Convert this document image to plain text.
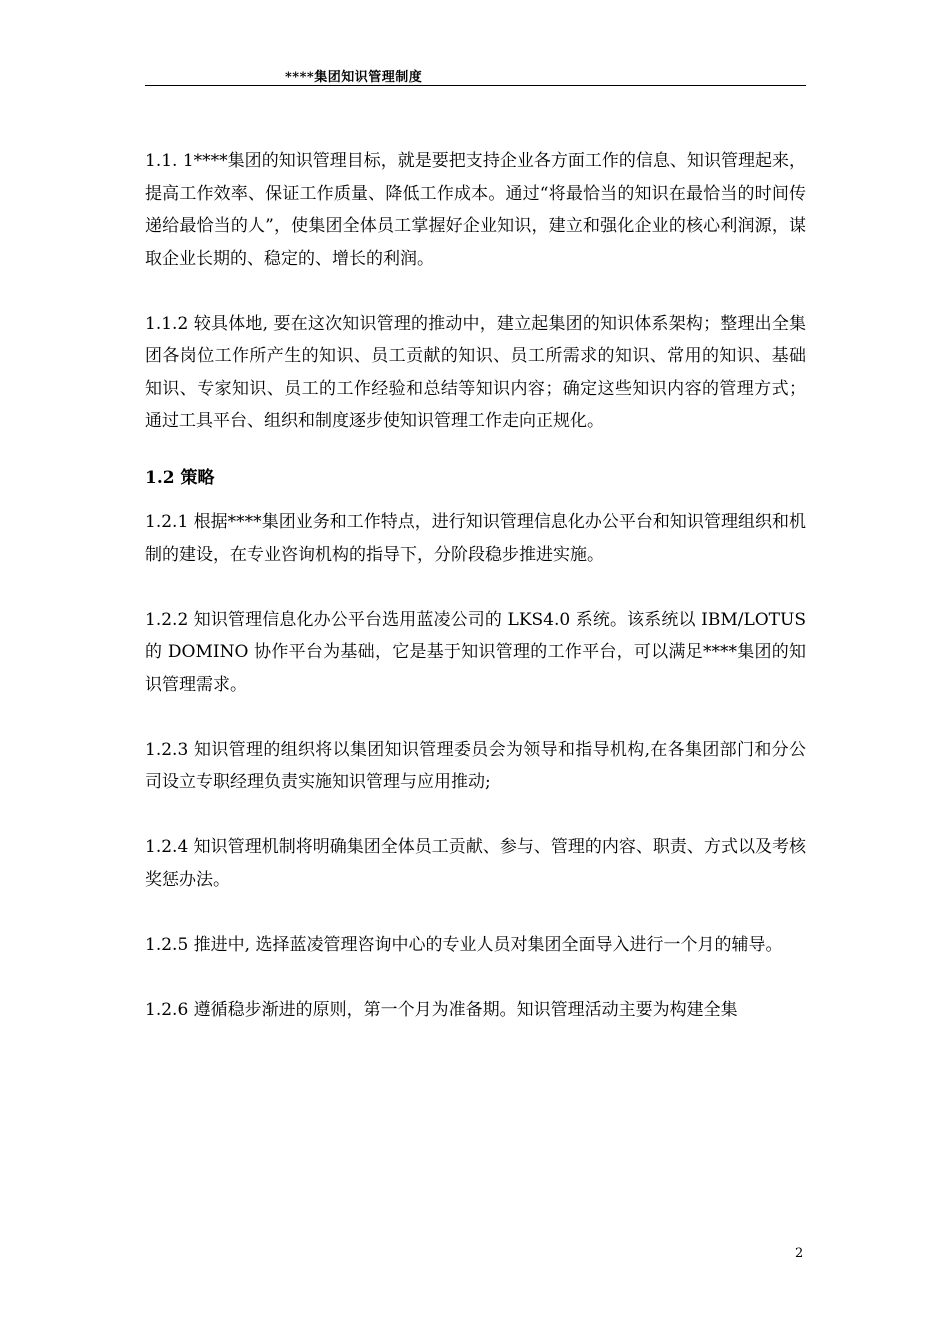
****集团知识管理制度

1.1. 1****集团的知识管理目标，就是要把支持企业各方面工作的信息、知识管理起来，提高工作效率、保证工作质量、降低工作成本。通过“将最恰当的知识在最恰当的时间传递给最恰当的人”，使集团全体员工掌握好企业知识，建立和强化企业的核心利润源，谋取企业长期的、稳定的、增长的利润。

1.1.2 较具体地, 要在这次知识管理的推动中，建立起集团的知识体系架构；整理出全集团各岗位工作所产生的知识、员工贡献的知识、员工所需求的知识、常用的知识、基础知识、专家知识、员工的工作经验和总结等知识内容；确定这些知识内容的管理方式；通过工具平台、组织和制度逐步使知识管理工作走向正规化。

1.2 策略

1.2.1 根据****集团业务和工作特点，进行知识管理信息化办公平台和知识管理组织和机制的建设，在专业咨询机构的指导下，分阶段稳步推进实施。

1.2.2 知识管理信息化办公平台选用蓝凌公司的 LKS4.0 系统。该系统以 IBM/LOTUS 的 DOMINO 协作平台为基础，它是基于知识管理的工作平台，可以满足****集团的知识管理需求。

1.2.3 知识管理的组织将以集团知识管理委员会为领导和指导机构,在各集团部门和分公司设立专职经理负责实施知识管理与应用推动;

1.2.4 知识管理机制将明确集团全体员工贡献、参与、管理的内容、职责、方式以及考核奖惩办法。

1.2.5 推进中, 选择蓝凌管理咨询中心的专业人员对集团全面导入进行一个月的辅导。

1.2.6 遵循稳步渐进的原则，第一个月为准备期。知识管理活动主要为构建全集

2
